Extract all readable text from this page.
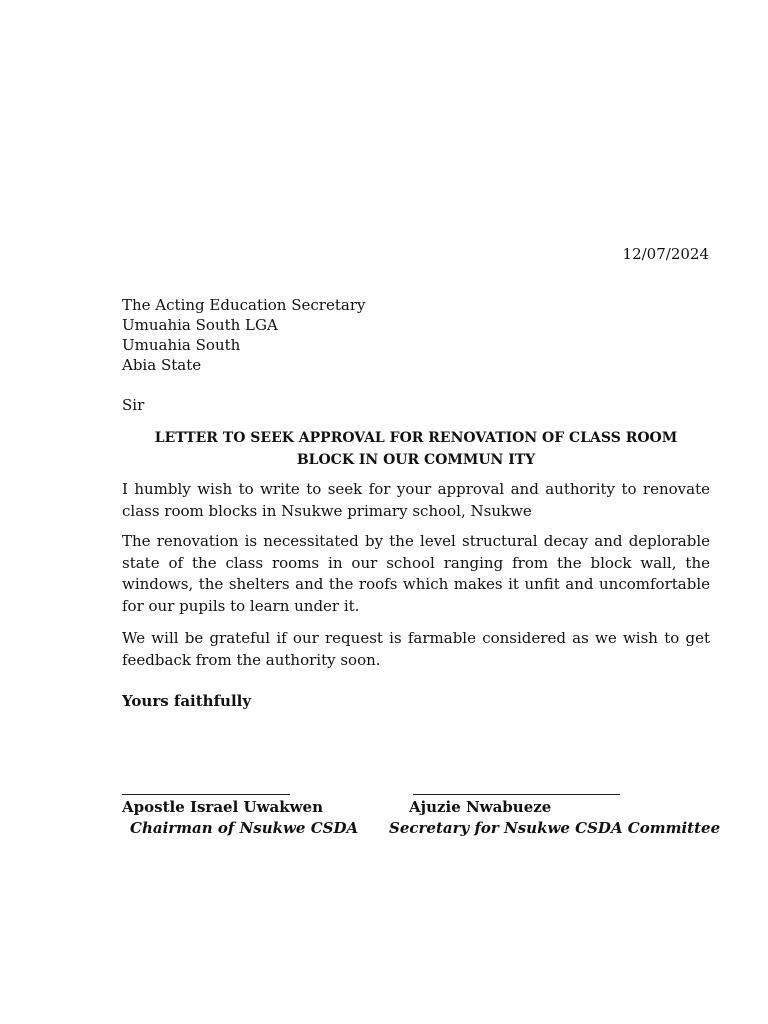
12/07/2024
The Acting Education Secretary
Umuahia South LGA
Umuahia South
Abia State
Sir
LETTER TO SEEK APPROVAL FOR RENOVATION OF CLASS ROOM
BLOCK IN OUR COMMUN ITY
I humbly wish to write to seek for your approval and authority to renovate class room blocks in Nsukwe primary school, Nsukwe
The renovation is necessitated by the level structural decay and deplorable state of the class rooms in our school ranging from the block wall, the windows, the shelters and the roofs which makes it unfit and uncomfortable for our pupils to learn under it.
We will be grateful if our request is farmable considered as we wish to get feedback from the authority soon.
Yours faithfully
Apostle Israel Uwakwen	Ajuzie Nwabueze
Chairman of Nsukwe CSDA Secretary for Nsukwe CSDA Committee
